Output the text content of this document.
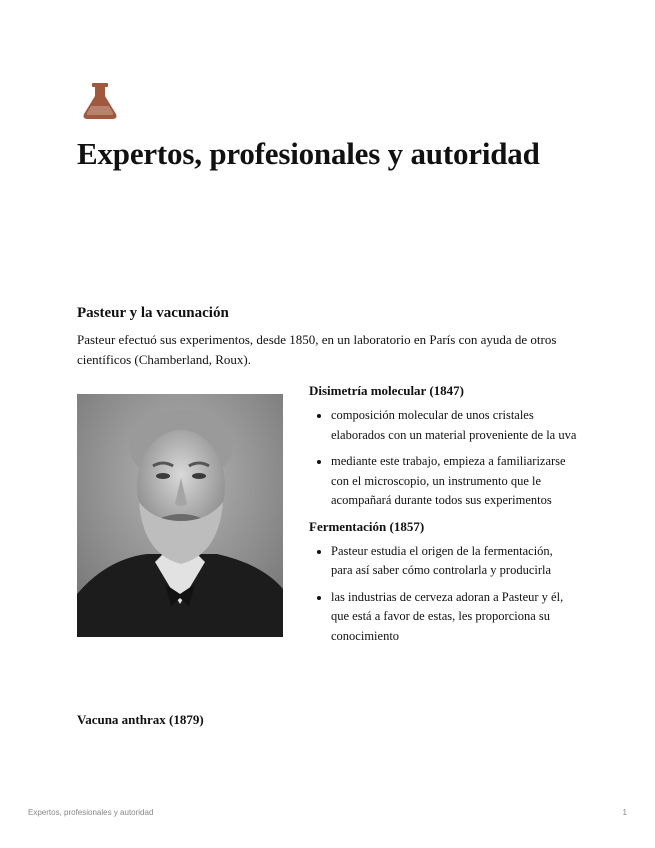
Expertos, profesionales y autoridad
Pasteur y la vacunación

Pasteur efectuó sus experimentos, desde 1850, en un laboratorio en París con ayuda de otros científicos (Chamberland, Roux).

Disimetría molecular (1847)
• composición molecular de unos cristales elaborados con un material proveniente de la uva
• mediante este trabajo, empieza a familiarizarse con el microscopio, un instrumento que le acompañará durante todos sus experimentos
Fermentación (1857)
• Pasteur estudia el origen de la fermentación, para así saber cómo controlarla y producirla
• las industrias de cerveza adoran a Pasteur y él, que está a favor de estas, les proporciona su conocimiento
Vacuna anthrax (1879)
Expertos, profesionales y autoridad	1
